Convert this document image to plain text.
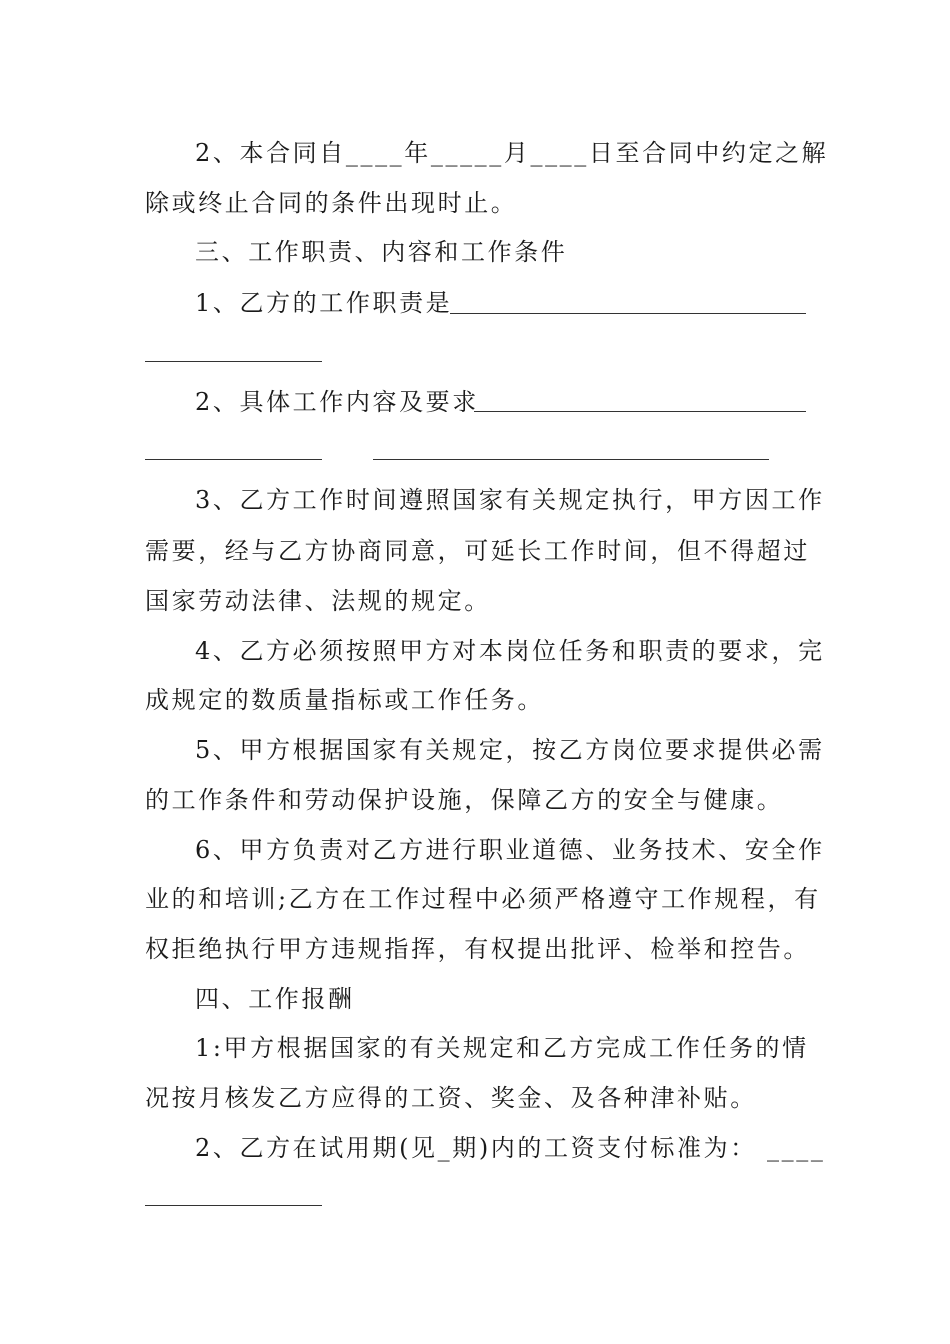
2、本合同自____年_____月____日至合同中约定之解
除或终止合同的条件出现时止。
三、工作职责、内容和工作条件
1、乙方的工作职责是
2、具体工作内容及要求
3、乙方工作时间遵照国家有关规定执行，甲方因工作
需要，经与乙方协商同意，可延长工作时间，但不得超过
国家劳动法律、法规的规定。
4、乙方必须按照甲方对本岗位任务和职责的要求，完
成规定的数质量指标或工作任务。
5、甲方根据国家有关规定，按乙方岗位要求提供必需
的工作条件和劳动保护设施，保障乙方的安全与健康。
6、甲方负责对乙方进行职业道德、业务技术、安全作
业的和培训;乙方在工作过程中必须严格遵守工作规程，有
权拒绝执行甲方违规指挥，有权提出批评、检举和控告。
四、工作报酬
1:甲方根据国家的有关规定和乙方完成工作任务的情
况按月核发乙方应得的工资、奖金、及各种津补贴。
2、乙方在试用期(见_期)内的工资支付标准为： ____
